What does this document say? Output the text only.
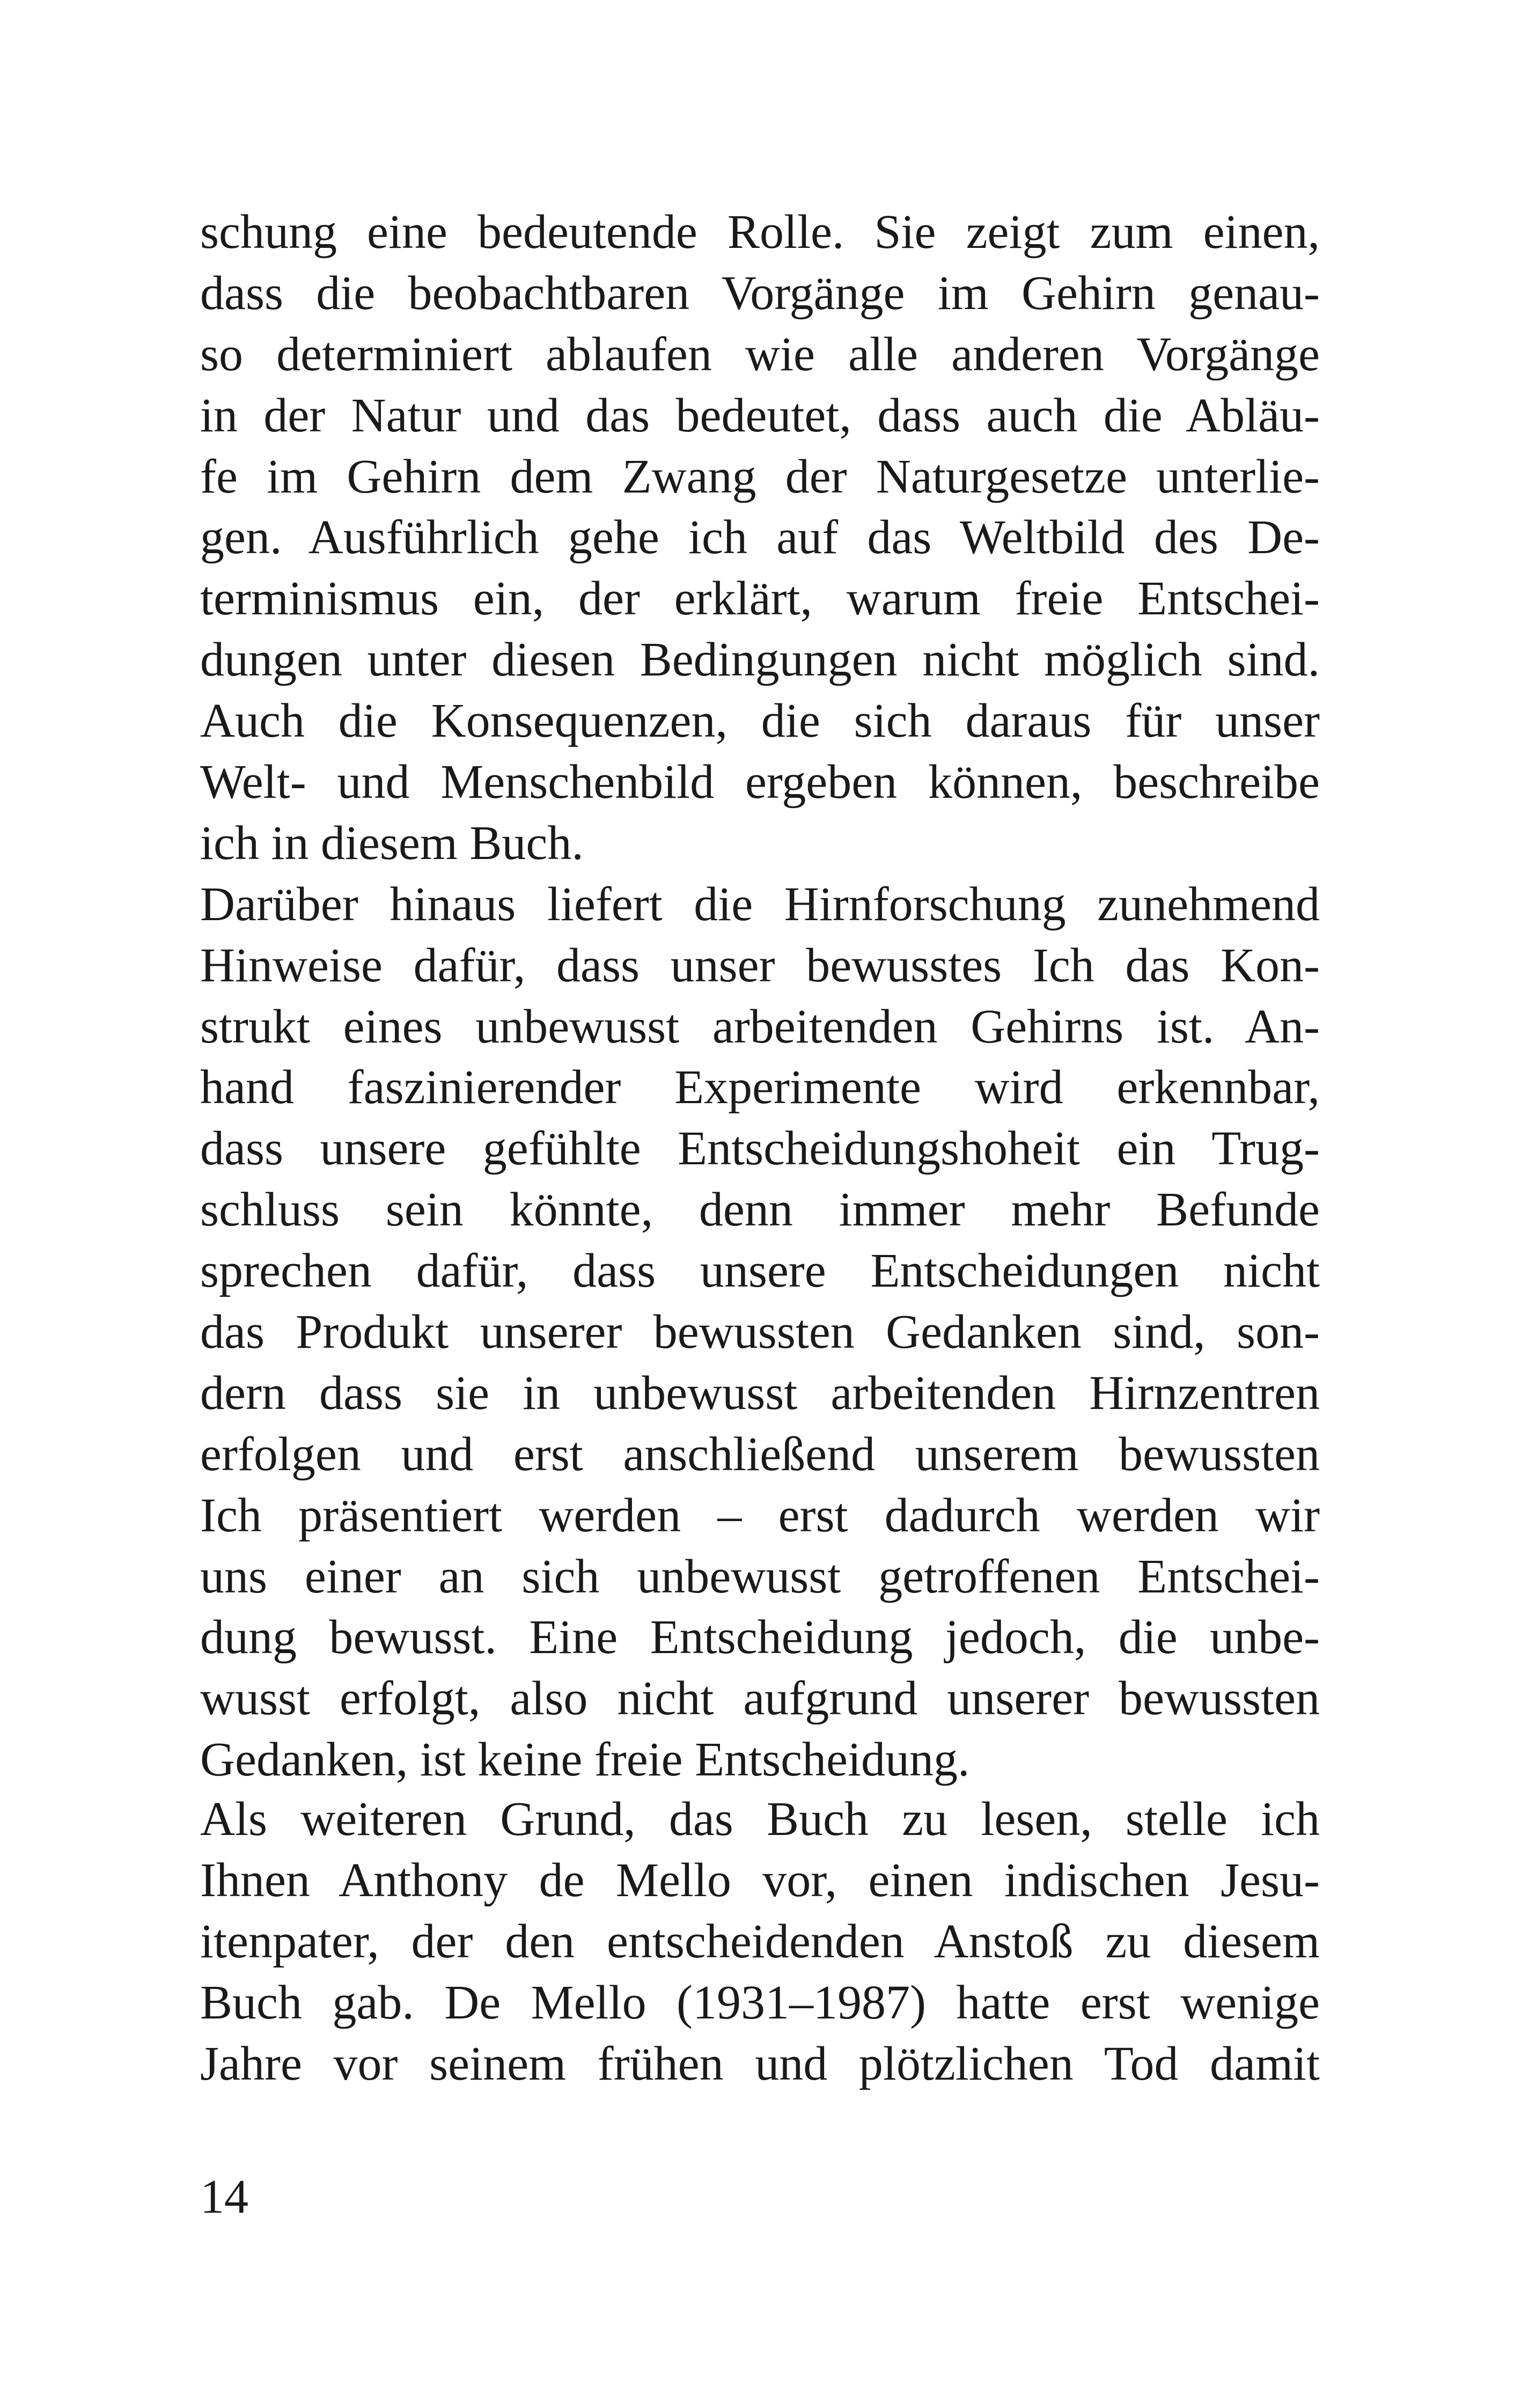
schung eine bedeutende Rolle. Sie zeigt zum einen,
dass die beobachtbaren Vorgänge im Gehirn genau-
so determiniert ablaufen wie alle anderen Vorgänge
in der Natur und das bedeutet, dass auch die Abläu-
fe im Gehirn dem Zwang der Naturgesetze unterlie-
gen. Ausführlich gehe ich auf das Weltbild des De-
terminismus ein, der erklärt, warum freie Entschei-
dungen unter diesen Bedingungen nicht möglich sind.
Auch die Konsequenzen, die sich daraus für unser
Welt- und Menschenbild ergeben können, beschreibe
ich in diesem Buch.
Darüber hinaus liefert die Hirnforschung zunehmend
Hinweise dafür, dass unser bewusstes Ich das Kon-
strukt eines unbewusst arbeitenden Gehirns ist. An-
hand faszinierender Experimente wird erkennbar,
dass unsere gefühlte Entscheidungshoheit ein Trug-
schluss sein könnte, denn immer mehr Befunde
sprechen dafür, dass unsere Entscheidungen nicht
das Produkt unserer bewussten Gedanken sind, son-
dern dass sie in unbewusst arbeitenden Hirnzentren
erfolgen und erst anschließend unserem bewussten
Ich präsentiert werden – erst dadurch werden wir
uns einer an sich unbewusst getroffenen Entschei-
dung bewusst. Eine Entscheidung jedoch, die unbe-
wusst erfolgt, also nicht aufgrund unserer bewussten
Gedanken, ist keine freie Entscheidung.
Als weiteren Grund, das Buch zu lesen, stelle ich
Ihnen Anthony de Mello vor, einen indischen Jesu-
itenpater, der den entscheidenden Anstoß zu diesem
Buch gab. De Mello (1931–1987) hatte erst wenige
Jahre vor seinem frühen und plötzlichen Tod damit
14
